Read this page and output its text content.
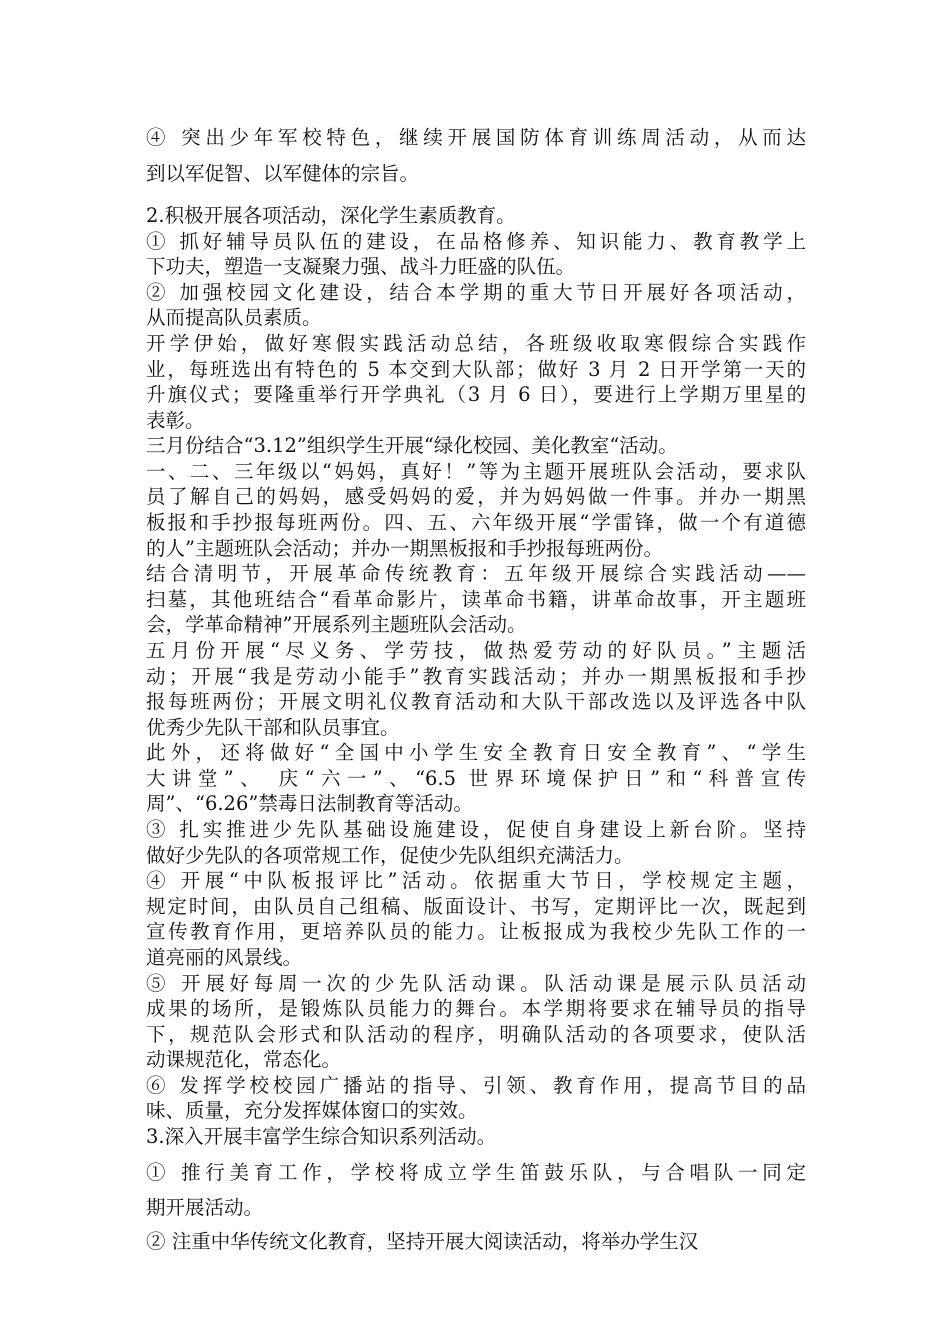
④ 突出少年军校特色，继续开展国防体育训练周活动，从而达
到以军促智、以军健体的宗旨。
2.积极开展各项活动，深化学生素质教育。
① 抓好辅导员队伍的建设，在品格修养、知识能力、教育教学上
下功夫，塑造一支凝聚力强、战斗力旺盛的队伍。
② 加强校园文化建设，结合本学期的重大节日开展好各项活动，
从而提高队员素质。
开学伊始，做好寒假实践活动总结，各班级收取寒假综合实践作
业，每班选出有特色的 5 本交到大队部；做好 3 月 2 日开学第一天的
升旗仪式；要隆重举行开学典礼（3 月 6 日），要进行上学期万里星的
表彰。
三月份结合“3.12”组织学生开展“绿化校园、美化教室“活动。
一、二、三年级以“妈妈，真好！”等为主题开展班队会活动，要求队
员了解自己的妈妈，感受妈妈的爱，并为妈妈做一件事。并办一期黑
板报和手抄报每班两份。四、五、六年级开展“学雷锋，做一个有道德
的人”主题班队会活动；并办一期黑板报和手抄报每班两份。
结合清明节，开展革命传统教育：五年级开展综合实践活动——
扫墓，其他班结合“看革命影片，读革命书籍，讲革命故事，开主题班
会，学革命精神”开展系列主题班队会活动。
五月份开展“尽义务、学劳技，做热爱劳动的好队员。”主题活
动；开展“我是劳动小能手”教育实践活动；并办一期黑板报和手抄
报每班两份；开展文明礼仪教育活动和大队干部改选以及评选各中队
优秀少先队干部和队员事宜。
此外，还将做好“全国中小学生安全教育日安全教育”、“学生
大讲堂”、 庆“六一”、“6.5 世界环境保护日”和“科普宣传
周”、“6.26”禁毒日法制教育等活动。
③ 扎实推进少先队基础设施建设，促使自身建设上新台阶。坚持
做好少先队的各项常规工作，促使少先队组织充满活力。
④ 开展“中队板报评比”活动。依据重大节日，学校规定主题，
规定时间，由队员自己组稿、版面设计、书写，定期评比一次，既起到
宣传教育作用，更培养队员的能力。让板报成为我校少先队工作的一
道亮丽的风景线。
⑤ 开展好每周一次的少先队活动课。队活动课是展示队员活动
成果的场所，是锻炼队员能力的舞台。本学期将要求在辅导员的指导
下，规范队会形式和队活动的程序，明确队活动的各项要求，使队活
动课规范化，常态化。
⑥ 发挥学校校园广播站的指导、引领、教育作用，提高节目的品
味、质量，充分发挥媒体窗口的实效。
3.深入开展丰富学生综合知识系列活动。
① 推行美育工作，学校将成立学生笛鼓乐队，与合唱队一同定
期开展活动。
② 注重中华传统文化教育，坚持开展大阅读活动，将举办学生汉
